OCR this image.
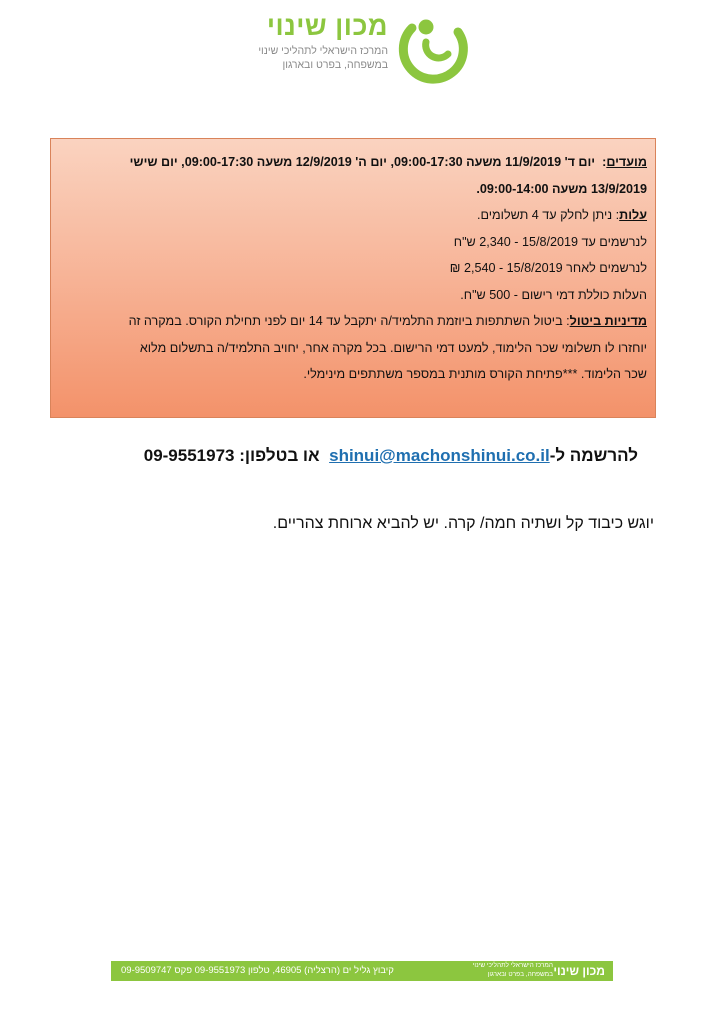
מכון שינוי
המרכז הישראלי לתהליכי שינוי
במשפחה, בפרט ובארגון
מועדים:  יום ד' 11/9/2019 משעה 09:00-17:30, יום ה' 12/9/2019 משעה 09:00-17:30, יום שישי
13/9/2019 משעה 09:00-14:00.
עלות: ניתן לחלק עד 4 תשלומים.
לנרשמים עד 15/8/2019 - 2,340 ש"ח
לנרשמים לאחר 15/8/2019 - 2,540 ₪
העלות כוללת דמי רישום - 500 ש"ח.
מדיניות ביטול: ביטול השתתפות ביוזמת התלמיד/ה יתקבל עד 14 יום לפני תחילת הקורס. במקרה זה
יוחזרו לו תשלומי שכר הלימוד, למעט דמי הרישום. בכל מקרה אחר, יחויב התלמיד/ה בתשלום מלוא
שכר הלימוד. ***פתיחת הקורס מותנית במספר משתתפים מינימלי.
להרשמה ל-shinui@machonshinui.co.il  או בטלפון: 09-9551973
יוגש כיבוד קל ושתיה חמה/ קרה. יש להביא ארוחת צהריים.
מכון שינוי
המרכז הישראלי לתהליכי שינוי
במשפחה, בפרט ובארגון
קיבוץ גליל ים (הרצליה) 46905, טלפון 09-9551973 פקס 09-9509747
